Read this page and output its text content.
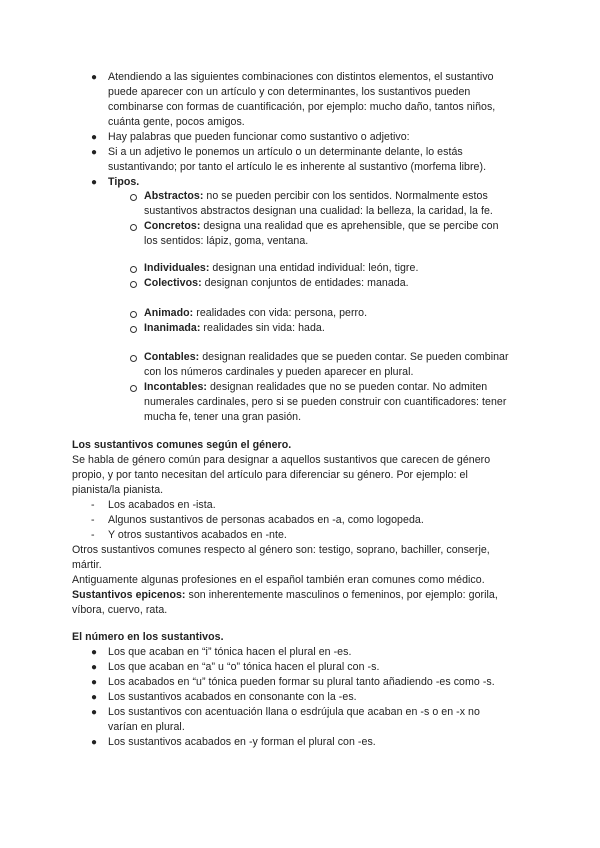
● Atendiendo a las siguientes combinaciones con distintos elementos, el sustantivo
puede aparecer con un artículo y con determinantes, los sustantivos pueden
combinarse con formas de cuantificación, por ejemplo: mucho daño, tantos niños,
cuánta gente, pocos amigos.
● Hay palabras que pueden funcionar como sustantivo o adjetivo:
● Si a un adjetivo le ponemos un artículo o un determinante delante, lo estás
sustantivando; por tanto el artículo le es inherente al sustantivo (morfema libre).
● Tipos.
Abstractos: no se pueden percibir con los sentidos. Normalmente estos
sustantivos abstractos designan una cualidad: la belleza, la caridad, la fe.
Concretos: designa una realidad que es aprehensible, que se percibe con
los sentidos: lápiz, goma, ventana.
Individuales: designan una entidad individual: león, tigre.
Colectivos: designan conjuntos de entidades: manada.
Animado: realidades con vida: persona, perro.
Inanimada: realidades sin vida: hada.
Contables: designan realidades que se pueden contar. Se pueden combinar
con los números cardinales y pueden aparecer en plural.
Incontables: designan realidades que no se pueden contar. No admiten
numerales cardinales, pero si se pueden construir con cuantificadores: tener
mucha fe, tener una gran pasión.
Los sustantivos comunes según el género.
Se habla de género común para designar a aquellos sustantivos que carecen de género
propio, y por tanto necesitan del artículo para diferenciar su género. Por ejemplo: el
pianista/la pianista.
- Los acabados en -ista.
- Algunos sustantivos de personas acabados en -a, como logopeda.
- Y otros sustantivos acabados en -nte.
Otros sustantivos comunes respecto al género son: testigo, soprano, bachiller, conserje,
mártir.
Antiguamente algunas profesiones en el español también eran comunes como médico.
Sustantivos epicenos: son inherentemente masculinos o femeninos, por ejemplo: gorila,
víbora, cuervo, rata.
El número en los sustantivos.
● Los que acaban en “i” tónica hacen el plural en -es.
● Los que acaban en “a” u “o” tónica hacen el plural con -s.
● Los acabados en “u” tónica pueden formar su plural tanto añadiendo -es como -s.
● Los sustantivos acabados en consonante con la -es.
● Los sustantivos con acentuación llana o esdrújula que acaban en -s o en -x no
varían en plural.
● Los sustantivos acabados en -y forman el plural con -es.
